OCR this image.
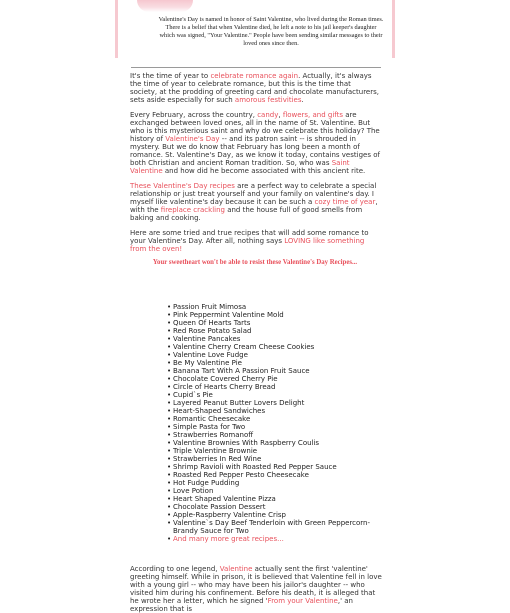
Valentine's Day is named in honor of Saint Valentine, who lived during the Roman times. There is a belief that when Valentine died, he left a note to his jail keeper's daughter which was signed, "Your Valentine." People have been sending similar messages to their loved ones since then.

It's the time of year to celebrate romance again. Actually, it's always the time of year to celebrate romance, but this is the time that society, at the prodding of greeting card and chocolate manufacturers, sets aside especially for such amorous festivities.

Every February, across the country, candy, flowers, and gifts are exchanged between loved ones, all in the name of St. Valentine. But who is this mysterious saint and why do we celebrate this holiday? The history of Valentine's Day -- and its patron saint -- is shrouded in mystery. But we do know that February has long been a month of romance. St. Valentine's Day, as we know it today, contains vestiges of both Christian and ancient Roman tradition. So, who was Saint Valentine and how did he become associated with this ancient rite.

These Valentine's Day recipes are a perfect way to celebrate a special relationship or just treat yourself and your family on valentine's day. I myself like valentine's day because it can be such a cozy time of year, with the fireplace crackling and the house full of good smells from baking and cooking.

Here are some tried and true recipes that will add some romance to your Valentine's Day. After all, nothing says LOVING like something from the oven!

Your sweetheart won't be able to resist these Valentine's Day Recipes...
• Passion Fruit Mimosa
• Pink Peppermint Valentine Mold
• Queen Of Hearts Tarts
• Red Rose Potato Salad
• Valentine Pancakes
• Valentine Cherry Cream Cheese Cookies
• Valentine Love Fudge
• Be My Valentine Pie
• Banana Tart With A Passion Fruit Sauce
• Chocolate Covered Cherry Pie
• Circle of Hearts Cherry Bread
• Cupid`s Pie
• Layered Peanut Butter Lovers Delight
• Heart-Shaped Sandwiches
• Romantic Cheesecake
• Simple Pasta for Two
• Strawberries Romanoff
• Valentine Brownies With Raspberry Coulis
• Triple Valentine Brownie
• Strawberries In Red Wine
• Shrimp Ravioli with Roasted Red Pepper Sauce
• Roasted Red Pepper Pesto Cheesecake
• Hot Fudge Pudding
• Love Potion
• Heart Shaped Valentine Pizza
• Chocolate Passion Dessert
• Apple-Raspberry Valentine Crisp
• Valentine`s Day Beef Tenderloin with Green Peppercorn-Brandy Sauce for Two
• And many more great recipes...
According to one legend, Valentine actually sent the first 'valentine' greeting himself. While in prison, it is believed that Valentine fell in love with a young girl -- who may have been his jailor's daughter -- who visited him during his confinement. Before his death, it is alleged that he wrote her a letter, which he signed 'From your Valentine,' an expression that is
